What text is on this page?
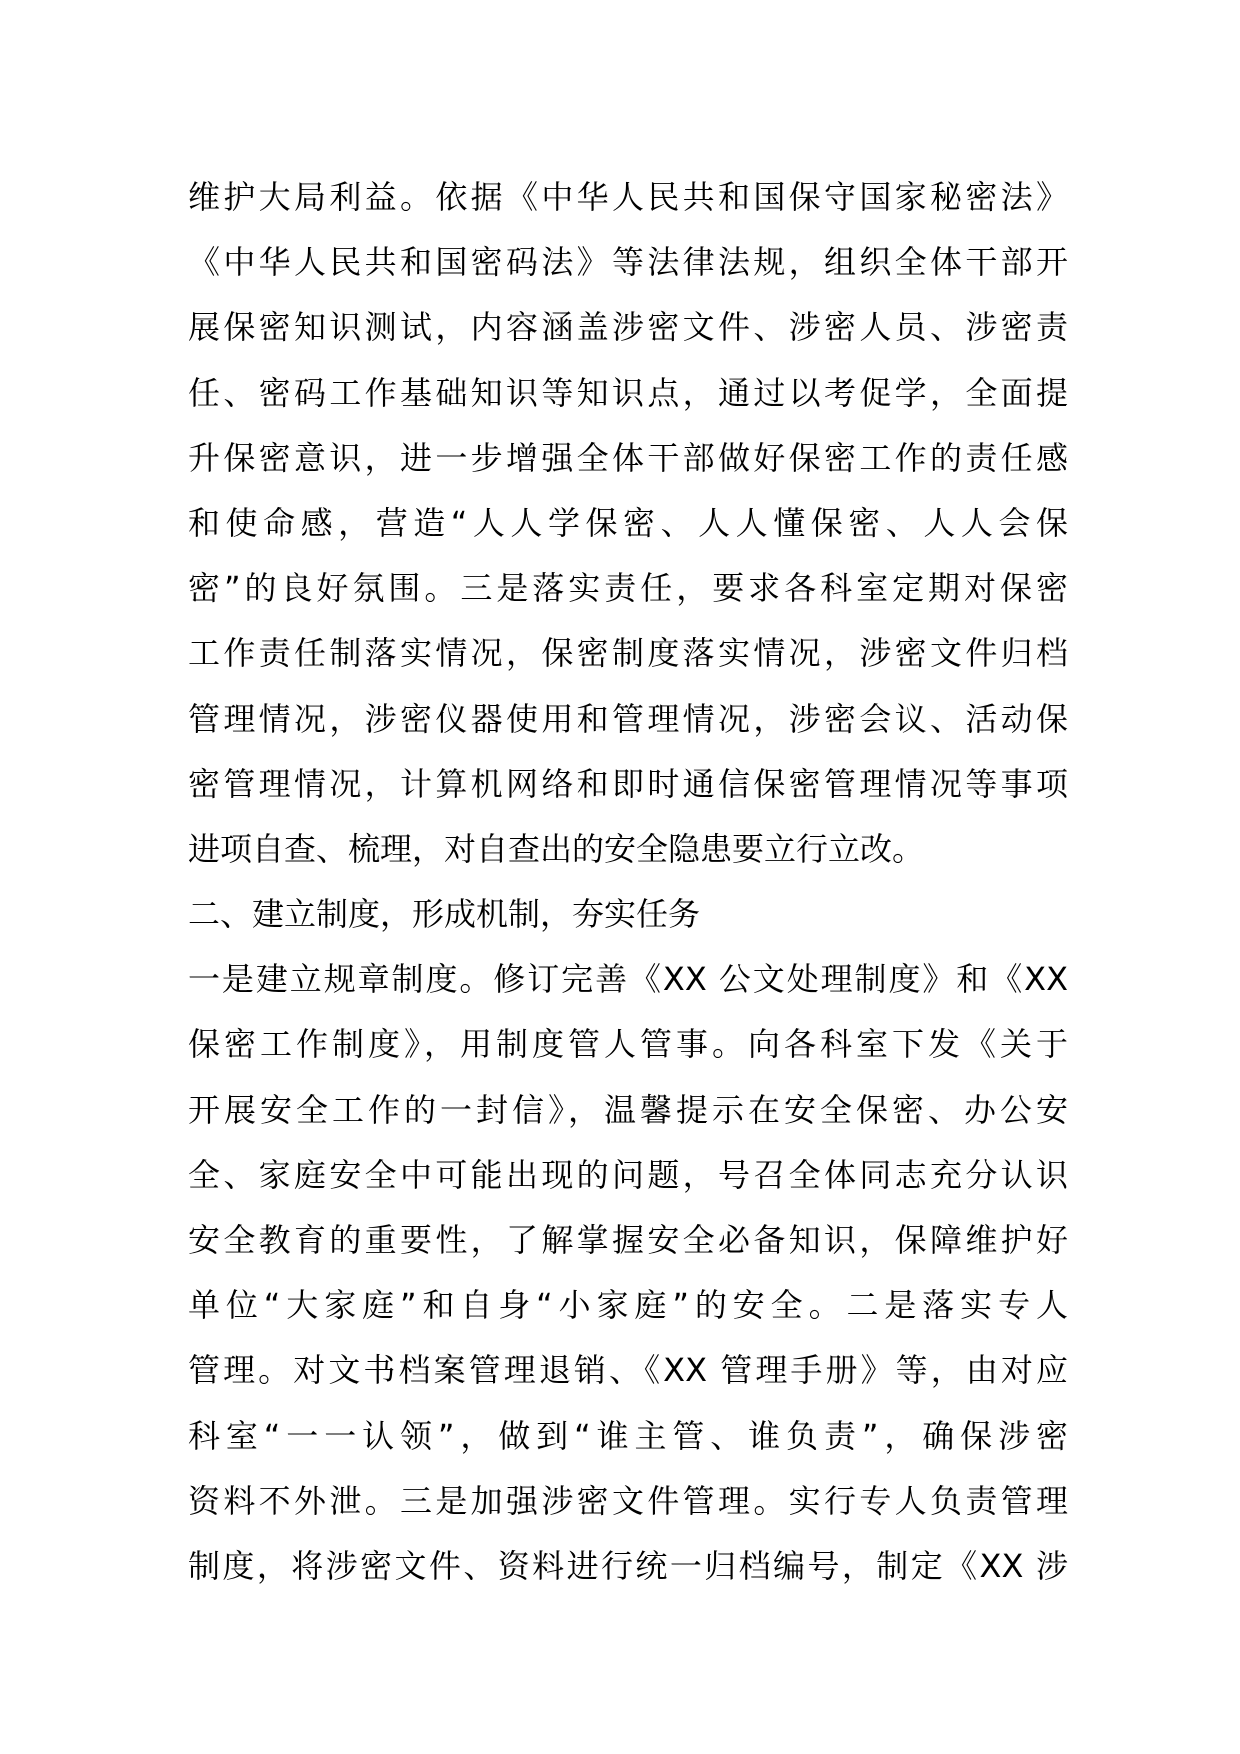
维护大局利益。依据《中华人民共和国保守国家秘密法》
《中华人民共和国密码法》等法律法规，组织全体干部开
展保密知识测试，内容涵盖涉密文件、涉密人员、涉密责
任、密码工作基础知识等知识点，通过以考促学，全面提
升保密意识，进一步增强全体干部做好保密工作的责任感
和使命感，营造“人人学保密、人人懂保密、人人会保
密”的良好氛围。三是落实责任，要求各科室定期对保密
工作责任制落实情况，保密制度落实情况，涉密文件归档
管理情况，涉密仪器使用和管理情况，涉密会议、活动保
密管理情况，计算机网络和即时通信保密管理情况等事项
进项自查、梳理，对自查出的安全隐患要立行立改。
二、建立制度，形成机制，夯实任务
一是建立规章制度。修订完善《XX 公文处理制度》和《XX
保密工作制度》，用制度管人管事。向各科室下发《关于
开展安全工作的一封信》，温馨提示在安全保密、办公安
全、家庭安全中可能出现的问题，号召全体同志充分认识
安全教育的重要性，了解掌握安全必备知识，保障维护好
单位“大家庭”和自身“小家庭”的安全。二是落实专人
管理。对文书档案管理退销、《XX 管理手册》等，由对应
科室“一一认领”，做到“谁主管、谁负责”，确保涉密
资料不外泄。三是加强涉密文件管理。实行专人负责管理
制度，将涉密文件、资料进行统一归档编号，制定《XX 涉
